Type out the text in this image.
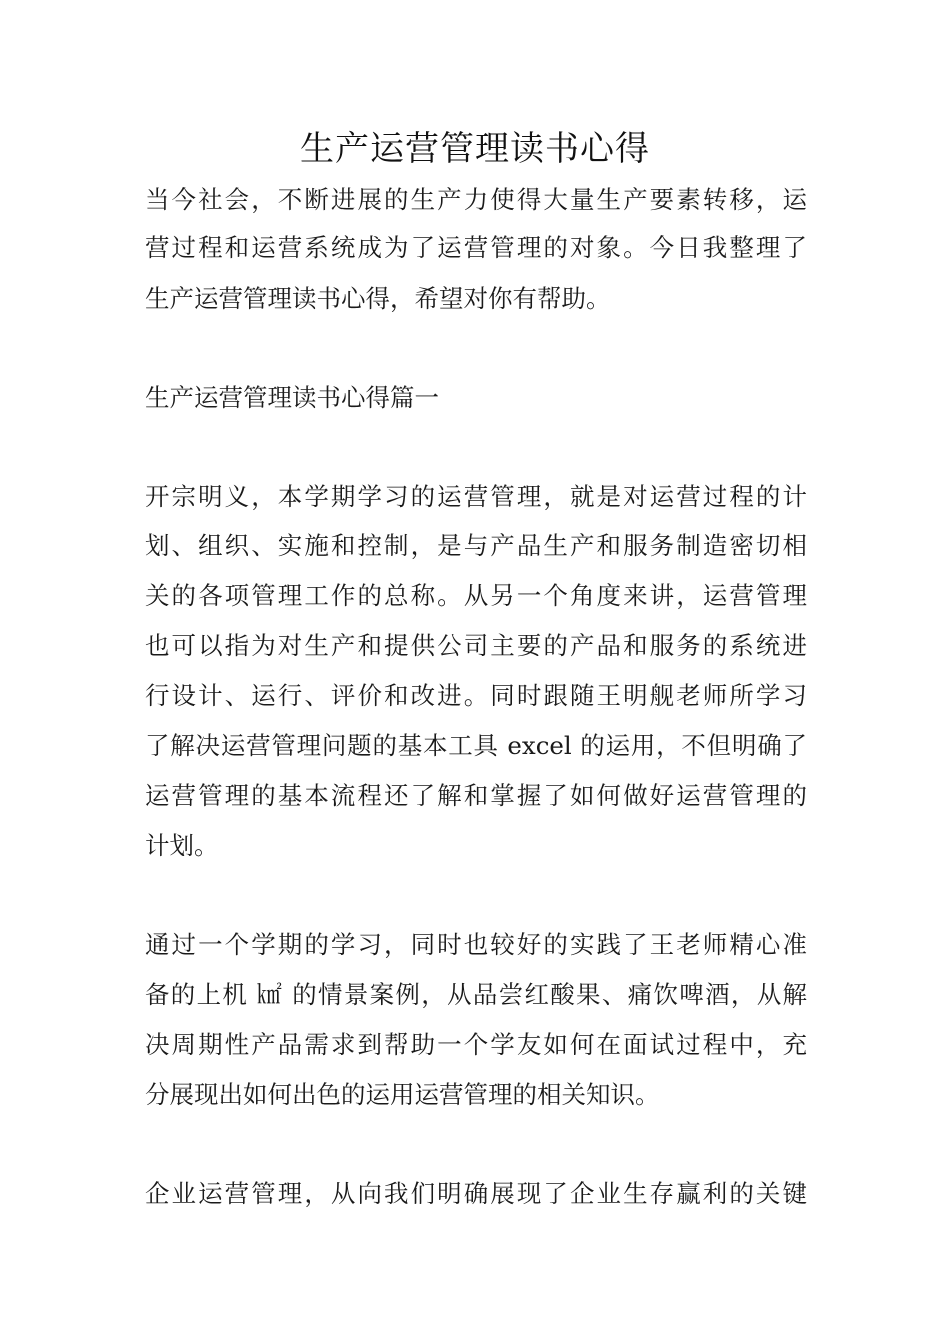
生产运营管理读书心得
当今社会，不断进展的生产力使得大量生产要素转移，运
营过程和运营系统成为了运营管理的对象。今日我整理了
生产运营管理读书心得，希望对你有帮助。
生产运营管理读书心得篇一
开宗明义，本学期学习的运营管理，就是对运营过程的计
划、组织、实施和控制，是与产品生产和服务制造密切相
关的各项管理工作的总称。从另一个角度来讲，运营管理
也可以指为对生产和提供公司主要的产品和服务的系统进
行设计、运行、评价和改进。同时跟随王明舰老师所学习
了解决运营管理问题的基本工具 excel 的运用，不但明确了
运营管理的基本流程还了解和掌握了如何做好运营管理的
计划。
通过一个学期的学习，同时也较好的实践了王老师精心准
备的上机 ㎢ 的情景案例，从品尝红酸果、痛饮啤酒，从解
决周期性产品需求到帮助一个学友如何在面试过程中，充
分展现出如何出色的运用运营管理的相关知识。
企业运营管理，从向我们明确展现了企业生存赢利的关键
